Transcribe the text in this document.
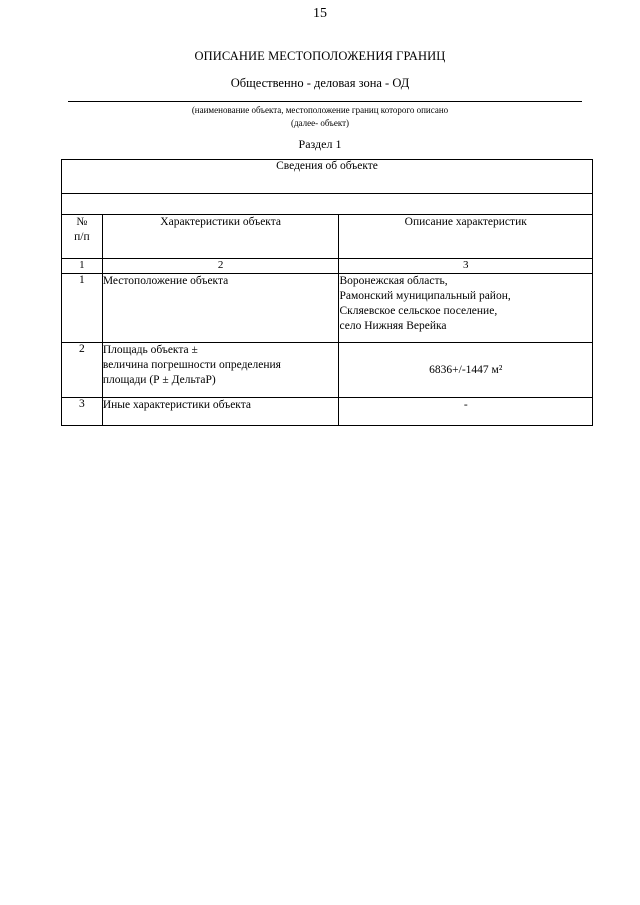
15
ОПИСАНИЕ МЕСТОПОЛОЖЕНИЯ ГРАНИЦ
Общественно - деловая зона - ОД
(наименование объекта, местоположение границ которого описано
(далее- объект)
Раздел 1
Сведения об объекте		

№
п/п	Характеристики объекта	Описание характеристик
1	2	3
1	Местоположение объекта	Воронежская область,
Рамонский муниципальный район,
Скляевское сельское поселение,
село Нижняя Верейка

2	Площадь объекта ±
величина погрешности определения
площади (Р ± ДельтаР)	6836+/-1447 м²

3	Иные характеристики объекта	-
